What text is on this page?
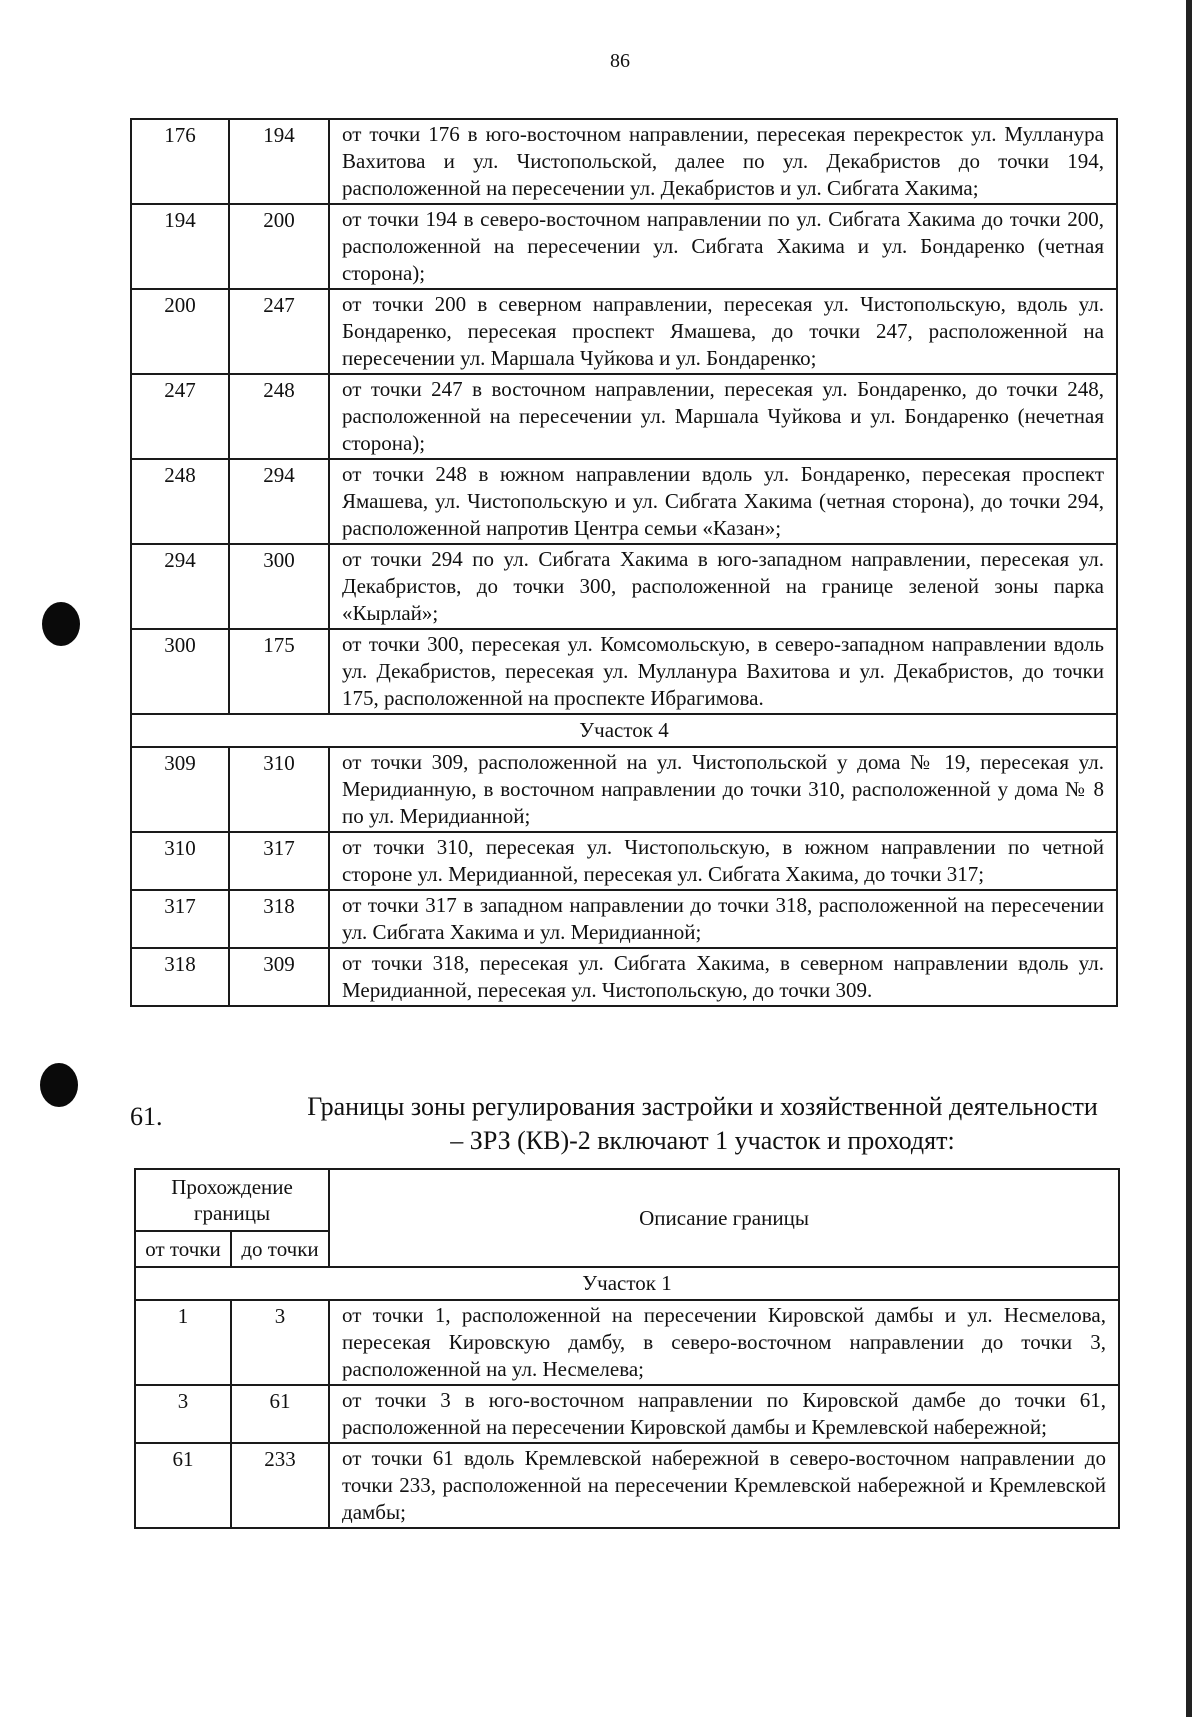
86
176	194	от точки 176 в юго-восточном направлении, пересекая перекресток ул. Мулланура Вахитова и ул. Чистопольской, далее по ул. Декабристов до точки 194, расположенной на пересечении ул. Декабристов и ул. Сибгата Хакима;
194	200	от точки 194 в северо-восточном направлении по ул. Сибгата Хакима до точки 200, расположенной на пересечении ул. Сибгата Хакима и ул. Бондаренко (четная сторона);
200	247	от точки 200 в северном направлении, пересекая ул. Чистопольскую, вдоль ул. Бондаренко, пересекая проспект Ямашева, до точки 247, расположенной на пересечении ул. Маршала Чуйкова и ул. Бондаренко;
247	248	от точки 247 в восточном направлении, пересекая ул. Бондаренко, до точки 248, расположенной на пересечении ул. Маршала Чуйкова и ул. Бондаренко (нечетная сторона);
248	294	от точки 248 в южном направлении вдоль ул. Бондаренко, пересекая проспект Ямашева, ул. Чистопольскую и ул. Сибгата Хакима (четная сторона), до точки 294, расположенной напротив Центра семьи «Казан»;
294	300	от точки 294 по ул. Сибгата Хакима в юго-западном направлении, пересекая ул. Декабристов, до точки 300, расположенной на границе зеленой зоны парка «Кырлай»;
300	175	от точки 300, пересекая ул. Комсомольскую, в северо-западном направлении вдоль ул. Декабристов, пересекая ул. Мулланура Вахитова и ул. Декабристов, до точки 175, расположенной на проспекте Ибрагимова.
Участок 4		
309	310	от точки 309, расположенной на ул. Чистопольской у дома № 19, пересекая ул. Меридианную, в восточном направлении до точки 310, расположенной у дома № 8 по ул. Меридианной;
310	317	от точки 310, пересекая ул. Чистопольскую, в южном направлении по четной стороне ул. Меридианной, пересекая ул. Сибгата Хакима, до точки 317;
317	318	от точки 317 в западном направлении до точки 318, расположенной на пересечении ул. Сибгата Хакима и ул. Меридианной;
318	309	от точки 318, пересекая ул. Сибгата Хакима, в северном направлении вдоль ул. Меридианной, пересекая ул. Чистопольскую, до точки 309.
61.	Границы зоны регулирования застройки и хозяйственной деятельности
– ЗРЗ (КВ)-2 включают 1 участок и проходят:
Прохождение границы		Описание границы
от точки	до точки	
Участок 1		
1	3	от точки 1, расположенной на пересечении Кировской дамбы и ул. Несмелова, пересекая Кировскую дамбу, в северо-восточном направлении до точки 3, расположенной на ул. Несмелева;
3	61	от точки 3 в юго-восточном направлении по Кировской дамбе до точки 61, расположенной на пересечении Кировской дамбы и Кремлевской набережной;
61	233	от точки 61 вдоль Кремлевской набережной в северо-восточном направлении до точки 233, расположенной на пересечении Кремлевской набережной и Кремлевской дамбы;
